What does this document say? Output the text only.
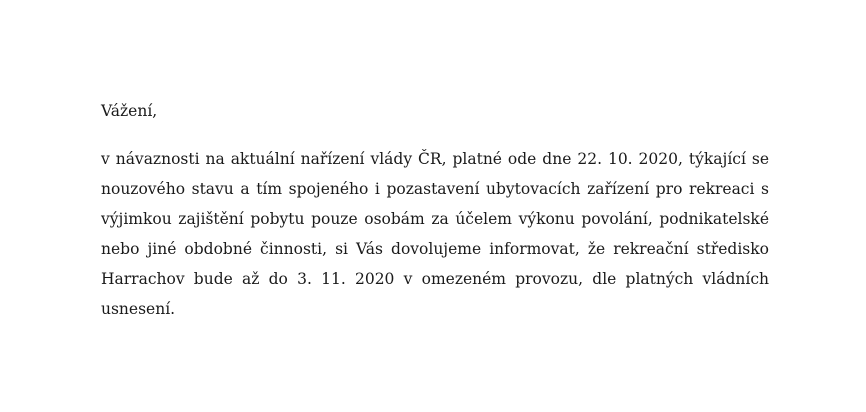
Vážení,

v návaznosti na aktuální nařízení vlády ČR, platné ode dne 22. 10. 2020, týkající se nouzového stavu a tím spojeného i pozastavení ubytovacích zařízení pro rekreaci s výjimkou zajištění pobytu pouze osobám za účelem výkonu povolání, podnikatelské nebo jiné obdobné činnosti, si Vás dovolujeme informovat, že rekreační středisko Harrachov bude až do 3. 11. 2020 v omezeném provozu, dle platných vládních usnesení.
